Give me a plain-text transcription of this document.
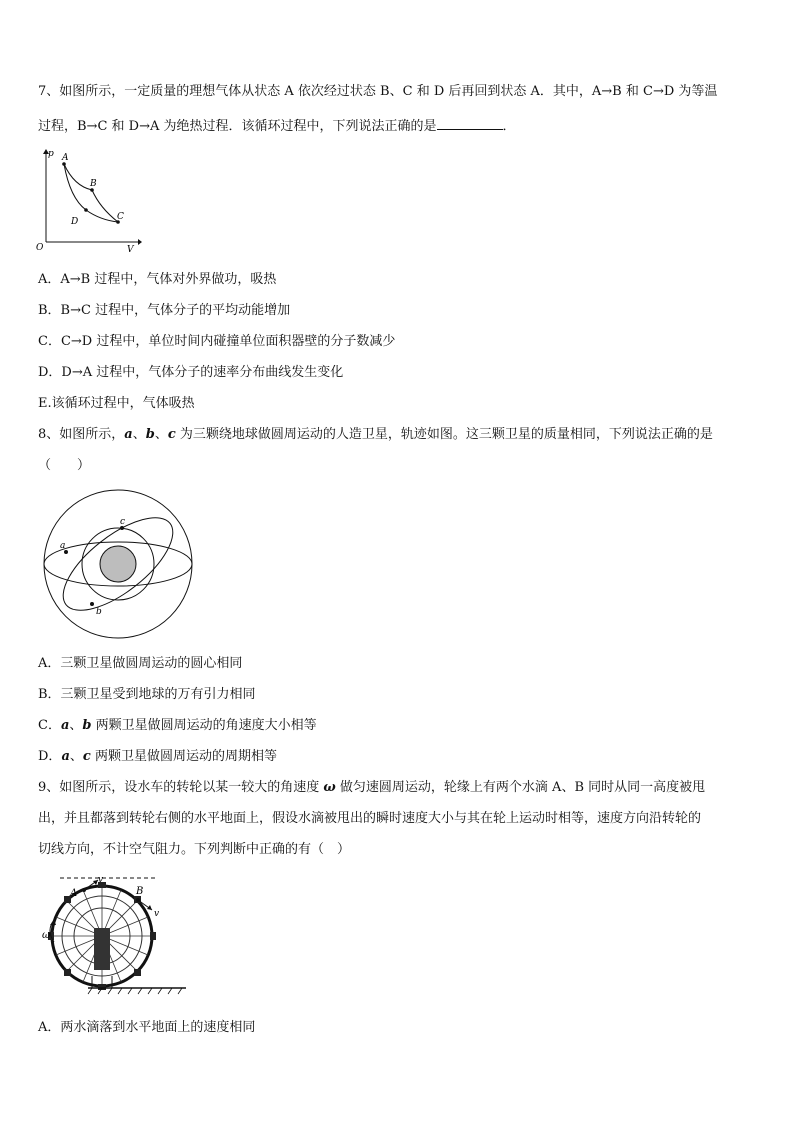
7、如图所示，一定质量的理想气体从状态 A 依次经过状态 B、C 和 D 后再回到状态 A．其中，A→B 和 C→D 为等温
过程，B→C 和 D→A 为绝热过程．该循环过程中，下列说法正确的是	．
p
V
O
A
B
C
D
A．A→B 过程中，气体对外界做功，吸热
B．B→C 过程中，气体分子的平均动能增加
C．C→D 过程中，单位时间内碰撞单位面积器壁的分子数减少
D．D→A 过程中，气体分子的速率分布曲线发生变化
E.该循环过程中，气体吸热
8、如图所示，a、b、c 为三颗绕地球做圆周运动的人造卫星，轨迹如图。这三颗卫星的质量相同，下列说法正确的是
（　　）
a
b
c
A．三颗卫星做圆周运动的圆心相同
B．三颗卫星受到地球的万有引力相同
C．a、b 两颗卫星做圆周运动的角速度大小相等
D．a、c 两颗卫星做圆周运动的周期相等
9、如图所示，设水车的转轮以某一较大的角速度 ω 做匀速圆周运动，轮缘上有两个水滴 A、B 同时从同一高度被甩
出，并且都落到转轮右侧的水平地面上，假设水滴被甩出的瞬时速度大小与其在轮上运动时相等，速度方向沿转轮的
切线方向，不计空气阻力。下列判断中正确的有（　）
A	B
v
v
ω
A．两水滴落到水平地面上的速度相同
